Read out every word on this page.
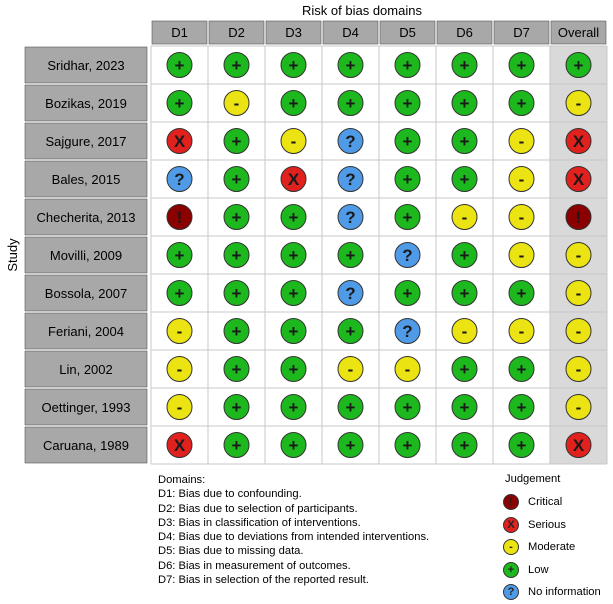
Risk of bias domains
Study
D1	D2	D3	D4	D5	D6	D7 Overall
Sridhar, 2023	+	+	+	+	+	+	+	+
Bozikas, 2019	+	-	+	+	+	+	+	-
Sajgure, 2017	X	+	-	?	+	+	-	X
Bales, 2015	?	+	X	?	+	+	-	X
Checherita, 2013 !	+	+	?	+	-	-	!
Movilli, 2009	+	+	+	+	?	+	-	-
Bossola, 2007	+	+	+	?	+	+	+	-
Feriani, 2004	-	+	+	+	?	-	-	-
Lin, 2002	-	+	+	-	-	+	+	-
Oettinger, 1993	-	+	+	+	+	+	+	-
Caruana, 1989	X	+	+	+	+	+	+	X
Domains:
D1: Bias due to confounding.
D2: Bias due to selection of participants.
D3: Bias in classification of interventions.
D4: Bias due to deviations from intended interventions.
D5: Bias due to missing data.
D6: Bias in measurement of outcomes.
D7: Bias in selection of the reported result.
Judgement
!	Critical
X	Serious
-	Moderate
+	Low
?	No information
